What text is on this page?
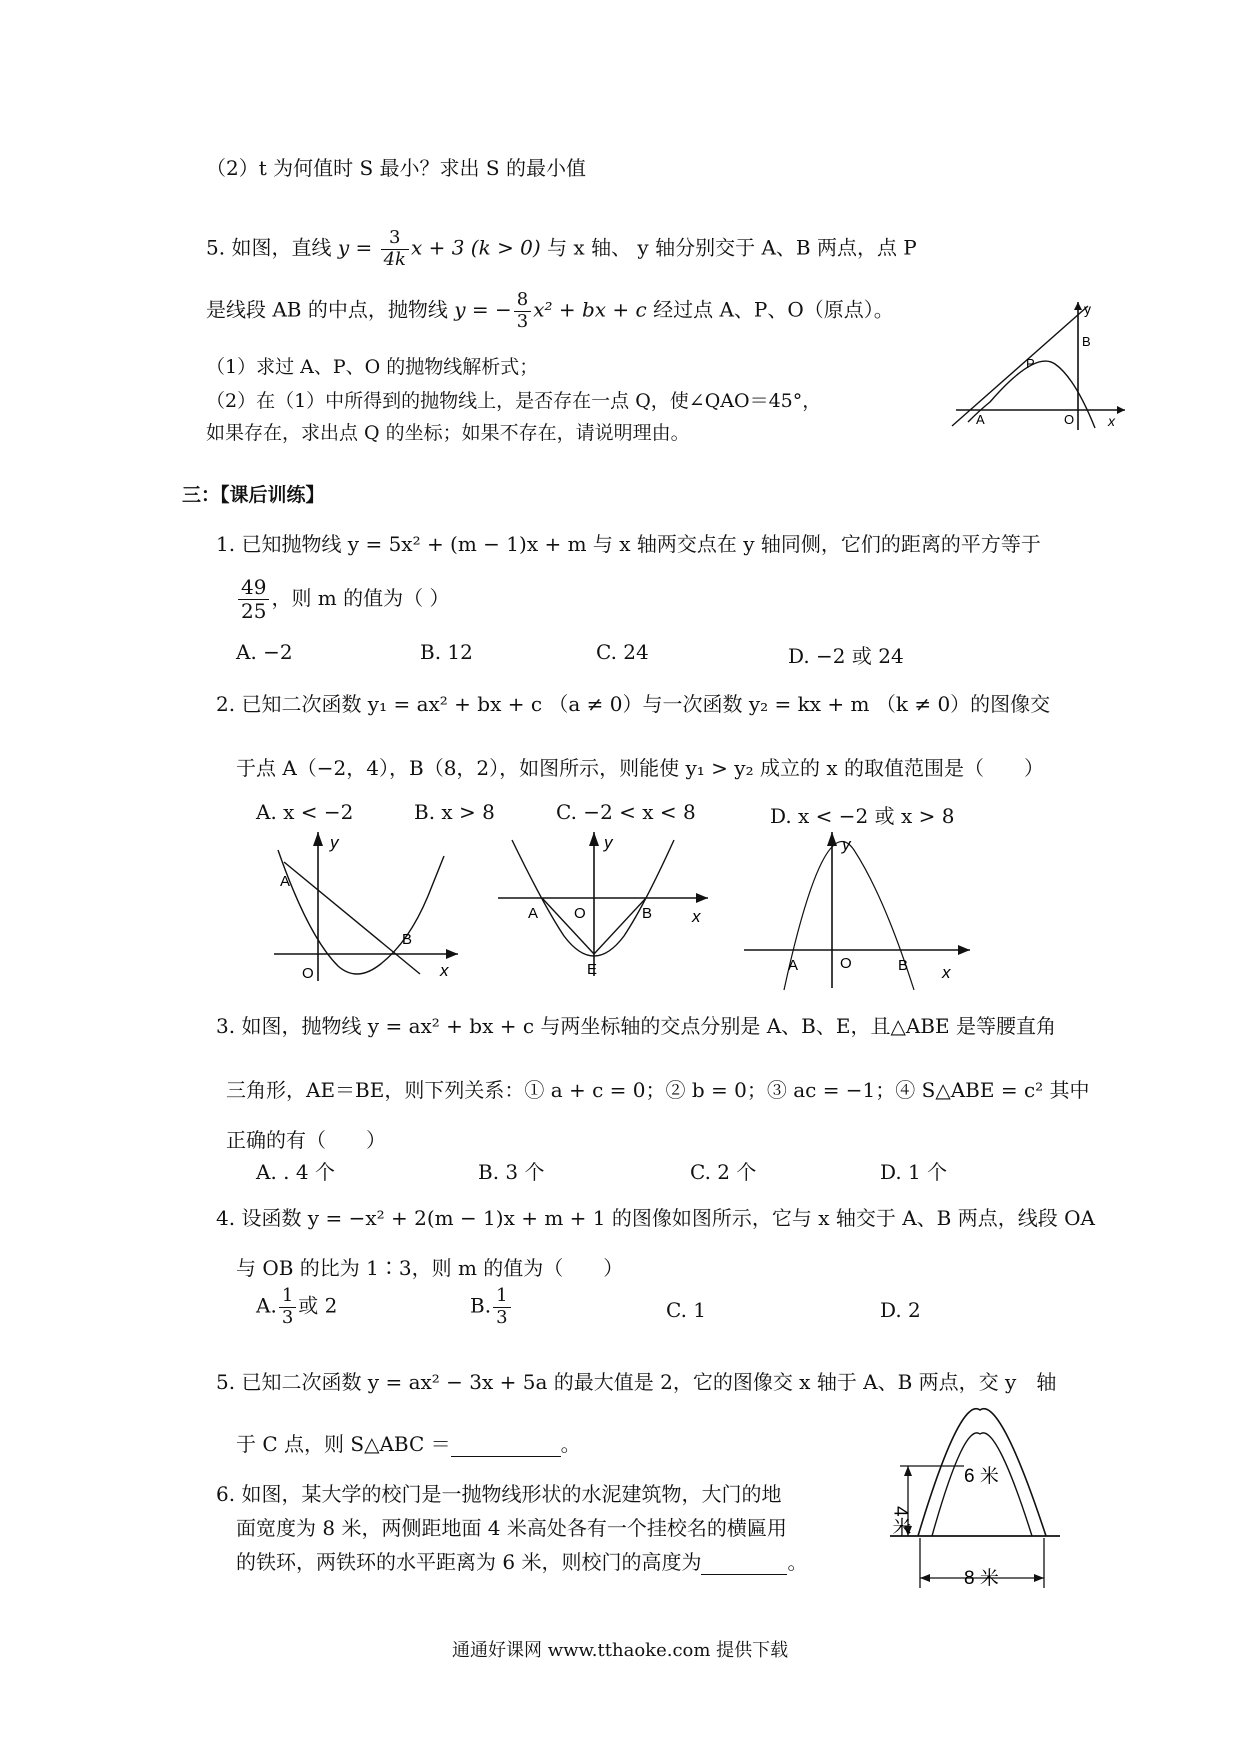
（2）t 为何值时 S 最小？求出 S 的最小值
5. 如图，直线 $y = \frac{3}{4k}$ x + 3 (k > 0) 与 x 轴、 y 轴分别交于 A、B 两点，点 P
是线段 AB 的中点，抛物线 y = − $\frac{8}{3} x^2$ + bx + c 经过点 A、P、O（原点）。
（1）求过 A、P、O 的抛物线解析式；
（2）在（1）中所得到的抛物线上，是否存在一点 Q，使∠QAO＝45°，
如果存在，求出点 Q 的坐标；如果不存在，请说明理由。
y
B
P
A	O x
三：【课后训练】
1. 已知抛物线 y = 5x² + (m − 1)x + m 与 x 轴两交点在 y 轴同侧，它们的距离的平方等于
$\frac{49}{25}$ ，则 m 的值为（ ）
A. −2	B. 12	C. 24	D. −2 或 24
2. 已知二次函数 y₁ = ax² + bx + c （a ≠ 0）与一次函数 y₂ = kx + m （k ≠ 0）的图像交
于点 A（−2，4），B（8，2），如图所示，则能使 y₁ > y₂ 成立的 x 的取值范围是（　　）
A. x < −2	B. x > 8	C. −2 < x < 8	D. x < −2 或 x > 8
y
A
B
O	x
y
A O	B x
E
y
A	O	B x
3. 如图，抛物线 y = ax² + bx + c 与两坐标轴的交点分别是 A、B、E，且△ABE 是等腰直角
三角形，AE＝BE，则下列关系：① a + c = 0；② b = 0；③ ac = −1；④ S△ABE = c² 其中
正确的有（　　）
A. . 4 个	B. 3 个	C. 2 个	D. 1 个
4. 设函数 y = −x² + 2(m − 1)x + m + 1 的图像如图所示，它与 x 轴交于 A、B 两点，线段 OA
与 OB 的比为 1∶3，则 m 的值为（　　）
A. $\frac{1}{3}$ 或 2	B. $\frac{1}{3}$	C. 1	D. 2
5. 已知二次函数 y = ax² − 3x + 5a 的最大值是 2，它的图像交 x 轴于 A、B 两点，交 y　轴
于 C 点，则 S△ABC ＝	。
6. 如图，某大学的校门是一抛物线形状的水泥建筑物，大门的地
面宽度为 8 米，两侧距地面 4 米高处各有一个挂校名的横匾用
的铁环，两铁环的水平距离为 6 米，则校门的高度为	。
6 米
4米
8 米
通通好课网 www.tthaoke.com 提供下载
